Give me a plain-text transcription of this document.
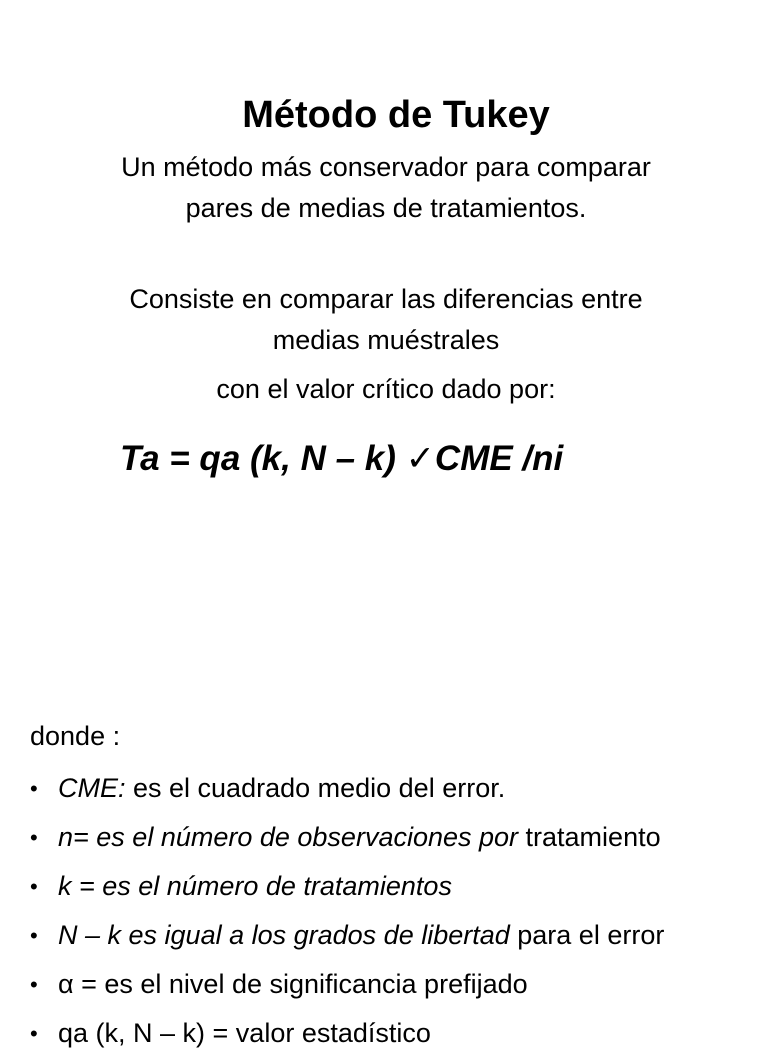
Método de Tukey
Un método más conservador para comparar pares de medias de tratamientos.
Consiste en comparar las diferencias entre medias muéstrales
con el valor crítico dado por:
Ta = qa (k, N – k) ✓CME /ni
donde :
• CME: es el cuadrado medio del error.
• n= es el número de observaciones por tratamiento
• k = es el número de tratamientos
• N – k es igual a los grados de libertad para el error
• α = es el nivel de significancia prefijado
• qa (k, N – k) = valor estadístico
